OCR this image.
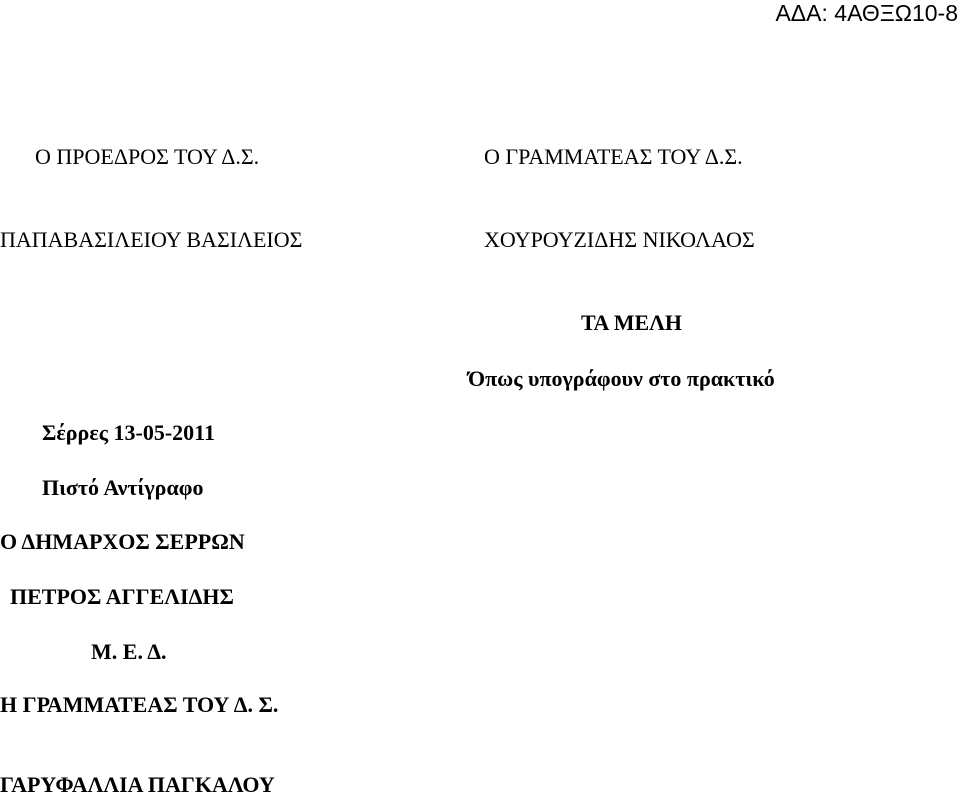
ΑΔΑ: 4ΑΘΞΩ10-8
Ο ΠΡΟΕΔΡΟΣ ΤΟΥ Δ.Σ.	Ο ΓΡΑΜΜΑΤΕΑΣ ΤΟΥ Δ.Σ.
ΠΑΠΑΒΑΣΙΛΕΙΟΥ ΒΑΣΙΛΕΙΟΣ	ΧΟΥΡΟΥΖΙΔΗΣ ΝΙΚΟΛΑΟΣ
ΤΑ ΜΕΛΗ
Όπως υπογράφουν στο πρακτικό
Σέρρες 13-05-2011
Πιστό Αντίγραφο
Ο ΔΗΜΑΡΧΟΣ ΣΕΡΡΩΝ
ΠΕΤΡΟΣ ΑΓΓΕΛΙΔΗΣ
Μ. Ε. Δ.
Η ΓΡΑΜΜΑΤΕΑΣ ΤΟΥ Δ. Σ.
ΓΑΡΥΦΑΛΛΙΑ ΠΑΓΚΑΛΟΥ
